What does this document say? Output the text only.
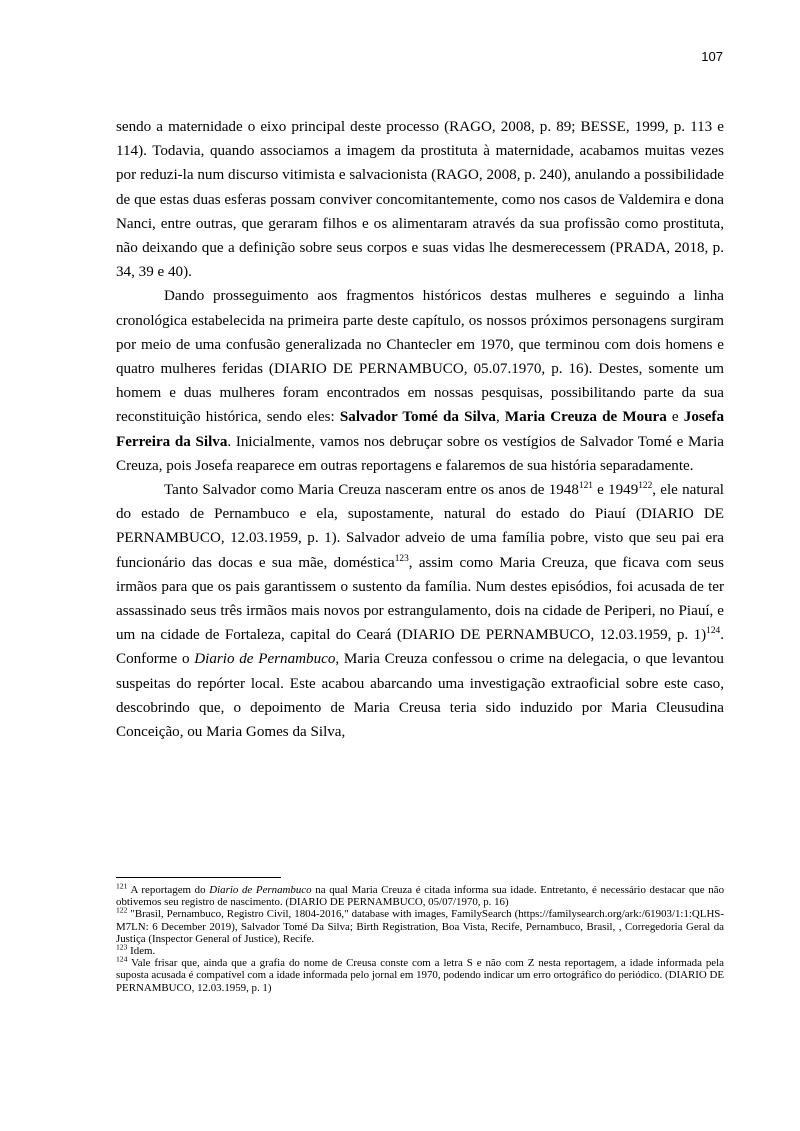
107

sendo a maternidade o eixo principal deste processo (RAGO, 2008, p. 89; BESSE, 1999, p. 113 e 114). Todavia, quando associamos a imagem da prostituta à maternidade, acabamos muitas vezes por reduzi-la num discurso vitimista e salvacionista (RAGO, 2008, p. 240), anulando a possibilidade de que estas duas esferas possam conviver concomitantemente, como nos casos de Valdemira e dona Nanci, entre outras, que geraram filhos e os alimentaram através da sua profissão como prostituta, não deixando que a definição sobre seus corpos e suas vidas lhe desmerecessem (PRADA, 2018, p. 34, 39 e 40).

Dando prosseguimento aos fragmentos históricos destas mulheres e seguindo a linha cronológica estabelecida na primeira parte deste capítulo, os nossos próximos personagens surgiram por meio de uma confusão generalizada no Chantecler em 1970, que terminou com dois homens e quatro mulheres feridas (DIARIO DE PERNAMBUCO, 05.07.1970, p. 16). Destes, somente um homem e duas mulheres foram encontrados em nossas pesquisas, possibilitando parte da sua reconstituição histórica, sendo eles: Salvador Tomé da Silva, Maria Creuza de Moura e Josefa Ferreira da Silva. Inicialmente, vamos nos debruçar sobre os vestígios de Salvador Tomé e Maria Creuza, pois Josefa reaparece em outras reportagens e falaremos de sua história separadamente.

Tanto Salvador como Maria Creuza nasceram entre os anos de 1948$^{121}$ e 1949$^{122}$, ele natural do estado de Pernambuco e ela, supostamente, natural do estado do Piauí (DIARIO DE PERNAMBUCO, 12.03.1959, p. 1). Salvador adveio de uma família pobre, visto que seu pai era funcionário das docas e sua mãe, doméstica$^{123}$, assim como Maria Creuza, que ficava com seus irmãos para que os pais garantissem o sustento da família. Num destes episódios, foi acusada de ter assassinado seus três irmãos mais novos por estrangulamento, dois na cidade de Periperi, no Piauí, e um na cidade de Fortaleza, capital do Ceará (DIARIO DE PERNAMBUCO, 12.03.1959, p. 1)$^{124}$. Conforme o Diario de Pernambuco, Maria Creuza confessou o crime na delegacia, o que levantou suspeitas do repórter local. Este acabou abarcando uma investigação extraoficial sobre este caso, descobrindo que, o depoimento de Maria Creusa teria sido induzido por Maria Cleusudina Conceição, ou Maria Gomes da Silva,

$^{121}$ A reportagem do Diario de Pernambuco na qual Maria Creuza é citada informa sua idade. Entretanto, é necessário destacar que não obtivemos seu registro de nascimento. (DIARIO DE PERNAMBUCO, 05/07/1970, p. 16)

$^{122}$ "Brasil, Pernambuco, Registro Civil, 1804-2016," database with images, FamilySearch (https://familysearch.org/ark:/61903/1:1:QLHS-M7LN: 6 December 2019), Salvador Tomé Da Silva; Birth Registration, Boa Vista, Recife, Pernambuco, Brasil, , Corregedoria Geral da Justiça (Inspector General of Justice), Recife.

$^{123}$ Idem.

$^{124}$ Vale frisar que, ainda que a grafia do nome de Creusa conste com a letra S e não com Z nesta reportagem, a idade informada pela suposta acusada é compatível com a idade informada pelo jornal em 1970, podendo indicar um erro ortográfico do periódico. (DIARIO DE PERNAMBUCO, 12.03.1959, p. 1)
